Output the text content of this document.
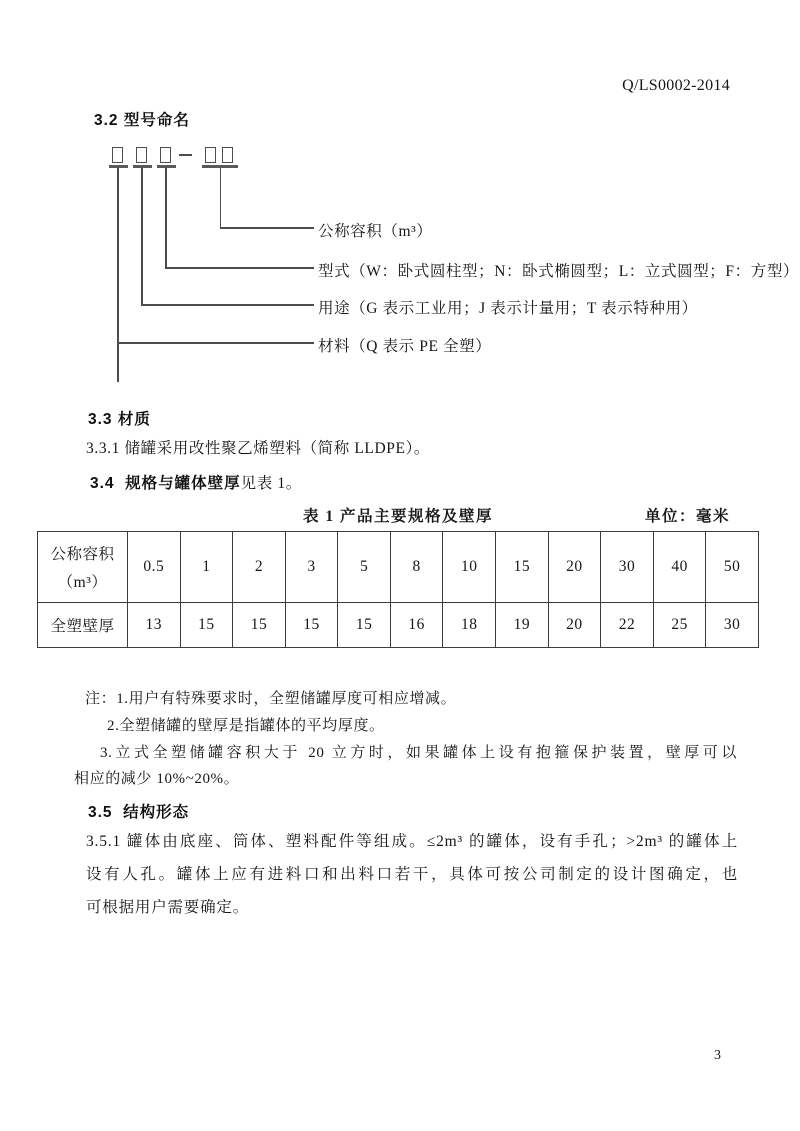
Q/LS0002-2014
3.2 型号命名
公称容积（m³）
型式（W：卧式圆柱型；N：卧式椭圆型；L：立式圆型；F：方型）
用途（G 表示工业用；J 表示计量用；T 表示特种用）
材料（Q 表示 PE 全塑）
3.3 材质
3.3.1 储罐采用改性聚乙烯塑料（简称 LLDPE）。
3.4  规格与罐体壁厚见表 1。
表 1 产品主要规格及壁厚	单位：毫米
公称容积
（m³）	0.5	1	2	3	5	8	10	15	20	30	40	50
全塑壁厚	13	15	15	15	15	16	18	19	20	22	25	30
注：1.用户有特殊要求时，全塑储罐厚度可相应增减。
2.全塑储罐的壁厚是指罐体的平均厚度。
3.立式全塑储罐容积大于 20 立方时，如果罐体上设有抱箍保护装置，壁厚可以
相应的减少 10%~20%。
3.5  结构形态
3.5.1 罐体由底座、筒体、塑料配件等组成。≤2m³ 的罐体，设有手孔；>2m³ 的罐体上
设有人孔。罐体上应有进料口和出料口若干，具体可按公司制定的设计图确定，也
可根据用户需要确定。
3
